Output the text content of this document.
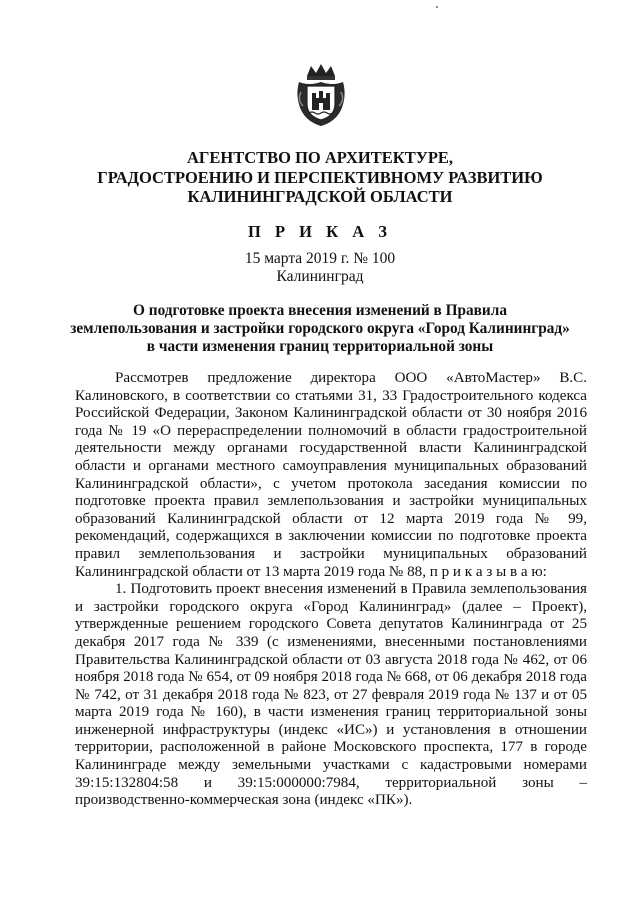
АГЕНТСТВО ПО АРХИТЕКТУРЕ,
ГРАДОСТРОЕНИЮ И ПЕРСПЕКТИВНОМУ РАЗВИТИЮ
КАЛИНИНГРАДСКОЙ ОБЛАСТИ
П Р И К А З
15 марта 2019 г. № 100
Калининград
О подготовке проекта внесения изменений в Правила
землепользования и застройки городского округа «Город Калининград»
в части изменения границ территориальной зоны

Рассмотрев предложение директора ООО «АвтоМастер» В.С. Калиновского, в соответствии со статьями 31, 33 Градостроительного кодекса Российской Федерации, Законом Калининградской области от 30 ноября 2016 года № 19 «О перераспределении полномочий в области градостроительной деятельности между органами государственной власти Калининградской области и органами местного самоуправления муниципальных образований Калининградской области», с учетом протокола заседания комиссии по подготовке проекта правил землепользования и застройки муниципальных образований Калининградской области от 12 марта 2019 года № 99, рекомендаций, содержащихся в заключении комиссии по подготовке проекта правил землепользования и застройки муниципальных образований Калининградской области от 13 марта 2019 года № 88, п р и к а з ы в а ю:

1. Подготовить проект внесения изменений в Правила землепользования и застройки городского округа «Город Калининград» (далее – Проект), утвержденные решением городского Совета депутатов Калининграда от 25 декабря 2017 года № 339 (с изменениями, внесенными постановлениями Правительства Калининградской области от 03 августа 2018 года № 462, от 06 ноября 2018 года № 654, от 09 ноября 2018 года № 668, от 06 декабря 2018 года № 742, от 31 декабря 2018 года № 823, от 27 февраля 2019 года № 137 и от 05 марта 2019 года № 160), в части изменения границ территориальной зоны инженерной инфраструктуры (индекс «ИС») и установления в отношении территории, расположенной в районе Московского проспекта, 177 в городе Калининграде между земельными участками с кадастровыми номерами 39:15:132804:58 и 39:15:000000:7984, территориальной зоны – производственно-коммерческая зона (индекс «ПК»).
